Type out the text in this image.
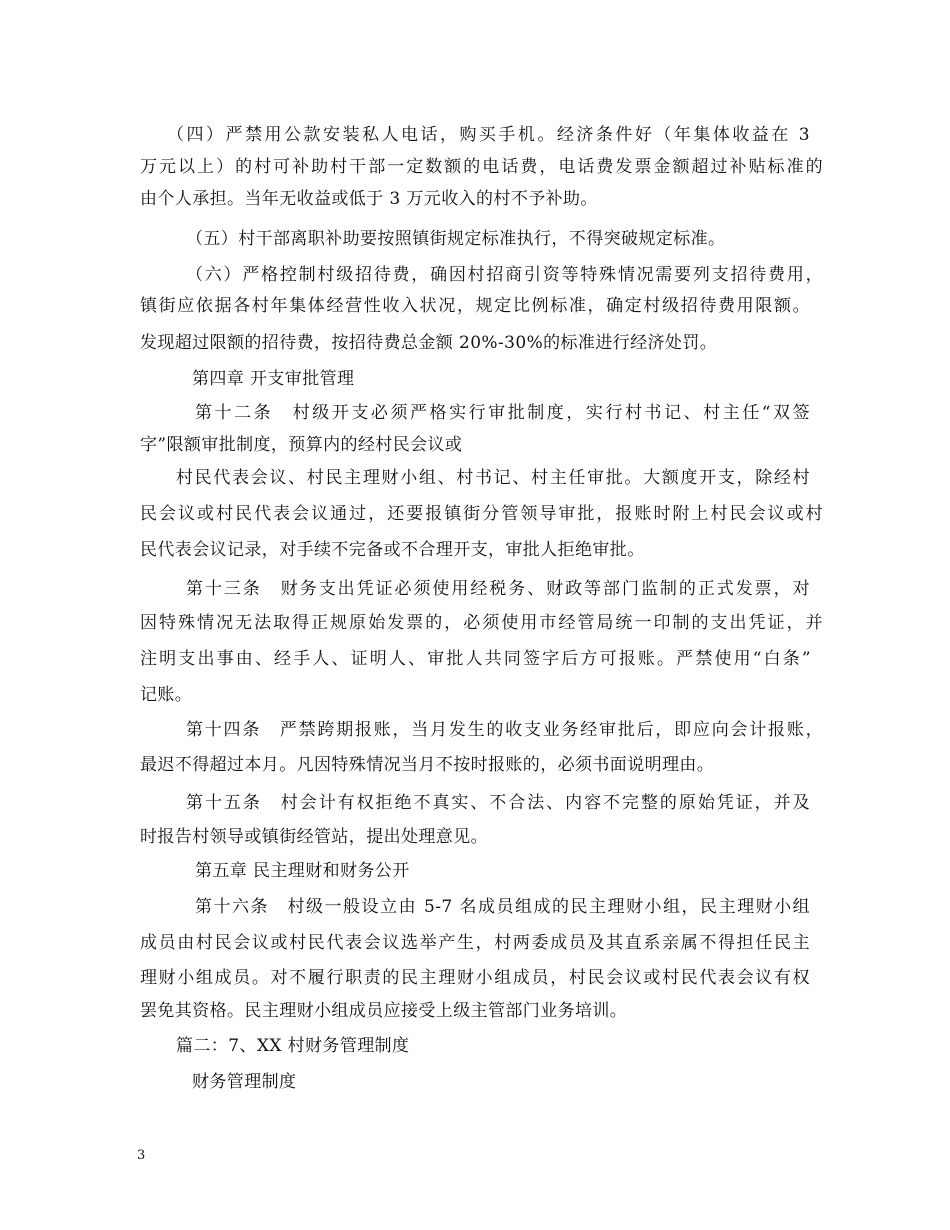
（四）严禁用公款安装私人电话，购买手机。经济条件好（年集体收益在 3
万元以上）的村可补助村干部一定数额的电话费，电话费发票金额超过补贴标准的
由个人承担。当年无收益或低于 3 万元收入的村不予补助。
（五）村干部离职补助要按照镇街规定标准执行，不得突破规定标准。
（六）严格控制村级招待费，确因村招商引资等特殊情况需要列支招待费用，
镇街应依据各村年集体经营性收入状况，规定比例标准，确定村级招待费用限额。
发现超过限额的招待费，按招待费总金额 20%-30%的标准进行经济处罚。
第四章 开支审批管理
第十二条　村级开支必须严格实行审批制度，实行村书记、村主任“双签
字”限额审批制度，预算内的经村民会议或
村民代表会议、村民主理财小组、村书记、村主任审批。大额度开支，除经村
民会议或村民代表会议通过，还要报镇街分管领导审批，报账时附上村民会议或村
民代表会议记录，对手续不完备或不合理开支，审批人拒绝审批。
第十三条　财务支出凭证必须使用经税务、财政等部门监制的正式发票，对
因特殊情况无法取得正规原始发票的，必须使用市经管局统一印制的支出凭证，并
注明支出事由、经手人、证明人、审批人共同签字后方可报账。严禁使用“白条”
记账。
第十四条　严禁跨期报账，当月发生的收支业务经审批后，即应向会计报账，
最迟不得超过本月。凡因特殊情况当月不按时报账的，必须书面说明理由。
第十五条　村会计有权拒绝不真实、不合法、内容不完整的原始凭证，并及
时报告村领导或镇街经管站，提出处理意见。
第五章 民主理财和财务公开
第十六条　村级一般设立由 5-7 名成员组成的民主理财小组，民主理财小组
成员由村民会议或村民代表会议选举产生，村两委成员及其直系亲属不得担任民主
理财小组成员。对不履行职责的民主理财小组成员，村民会议或村民代表会议有权
罢免其资格。民主理财小组成员应接受上级主管部门业务培训。
篇二：7、XX 村财务管理制度
财务管理制度
3
